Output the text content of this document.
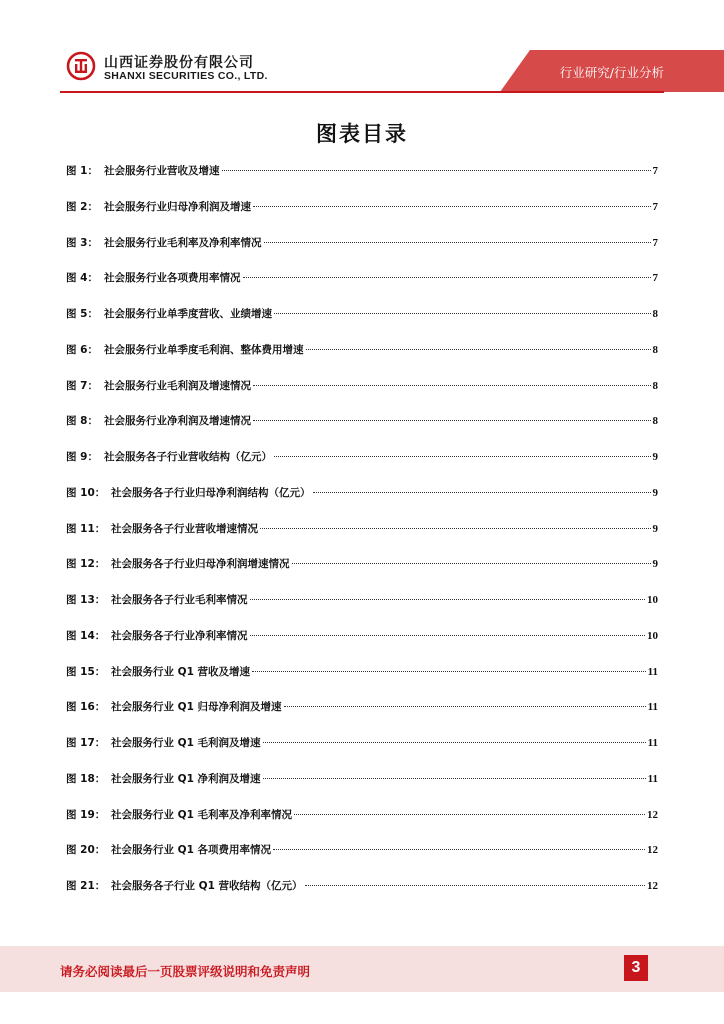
山西证券股份有限公司
SHANXI SECURITIES CO., LTD.	行业研究/行业分析
图表目录
图 1： 社会服务行业营收及增速	7
图 2： 社会服务行业归母净利润及增速	7
图 3： 社会服务行业毛利率及净利率情况	7
图 4： 社会服务行业各项费用率情况	7
图 5： 社会服务行业单季度营收、业绩增速	8
图 6： 社会服务行业单季度毛利润、整体费用增速	8
图 7： 社会服务行业毛利润及增速情况	8
图 8： 社会服务行业净利润及增速情况	8
图 9： 社会服务各子行业营收结构（亿元）	9
图 10： 社会服务各子行业归母净利润结构（亿元）	9
图 11： 社会服务各子行业营收增速情况	9
图 12： 社会服务各子行业归母净利润增速情况	9
图 13： 社会服务各子行业毛利率情况	10
图 14： 社会服务各子行业净利率情况	10
图 15： 社会服务行业 Q1 营收及增速	11
图 16： 社会服务行业 Q1 归母净利润及增速	11
图 17： 社会服务行业 Q1 毛利润及增速	11
图 18： 社会服务行业 Q1 净利润及增速	11
图 19： 社会服务行业 Q1 毛利率及净利率情况	12
图 20： 社会服务行业 Q1 各项费用率情况	12
图 21： 社会服务各子行业 Q1 营收结构（亿元）	12
请务必阅读最后一页股票评级说明和免责声明	3
